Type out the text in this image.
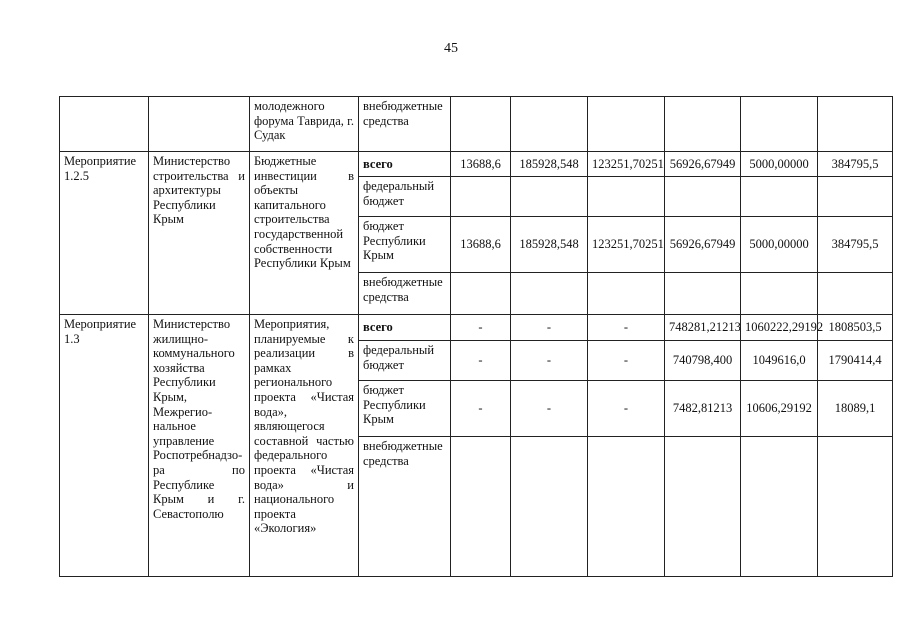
45
		молодежного форума Таврида, г. Судак	внебюджетные средства						
Мероприятие 1.2.5	Министерство строительства и архитектуры Республики Крым	Бюджетные инвестиции в объекты капитального строительства государственной собственности Республики Крым	всего	13688,6	185928,548	123251,70251	56926,67949	5000,00000	384795,5
			федеральный бюджет						
			бюджет Республики Крым	13688,6	185928,548	123251,70251	56926,67949	5000,00000	384795,5
			внебюджетные средства						
Мероприятие 1.3	Министерство жилищно-коммунального хозяйства Республики Крым, Межрегио-нальное управление Роспотребнадзо-ра по Республике Крым и г. Севастополю	Мероприятия, планируемые к реализации в рамках регионального проекта «Чистая вода», являющегося составной частью федерального проекта «Чистая вода» и национального проекта «Экология»	всего	-	-	-	748281,21213	1060222,29192	1808503,5
			федеральный бюджет	-	-	-	740798,400	1049616,0	1790414,4
			бюджет Республики Крым	-	-	-	7482,81213	10606,29192	18089,1
			внебюджетные средства						
